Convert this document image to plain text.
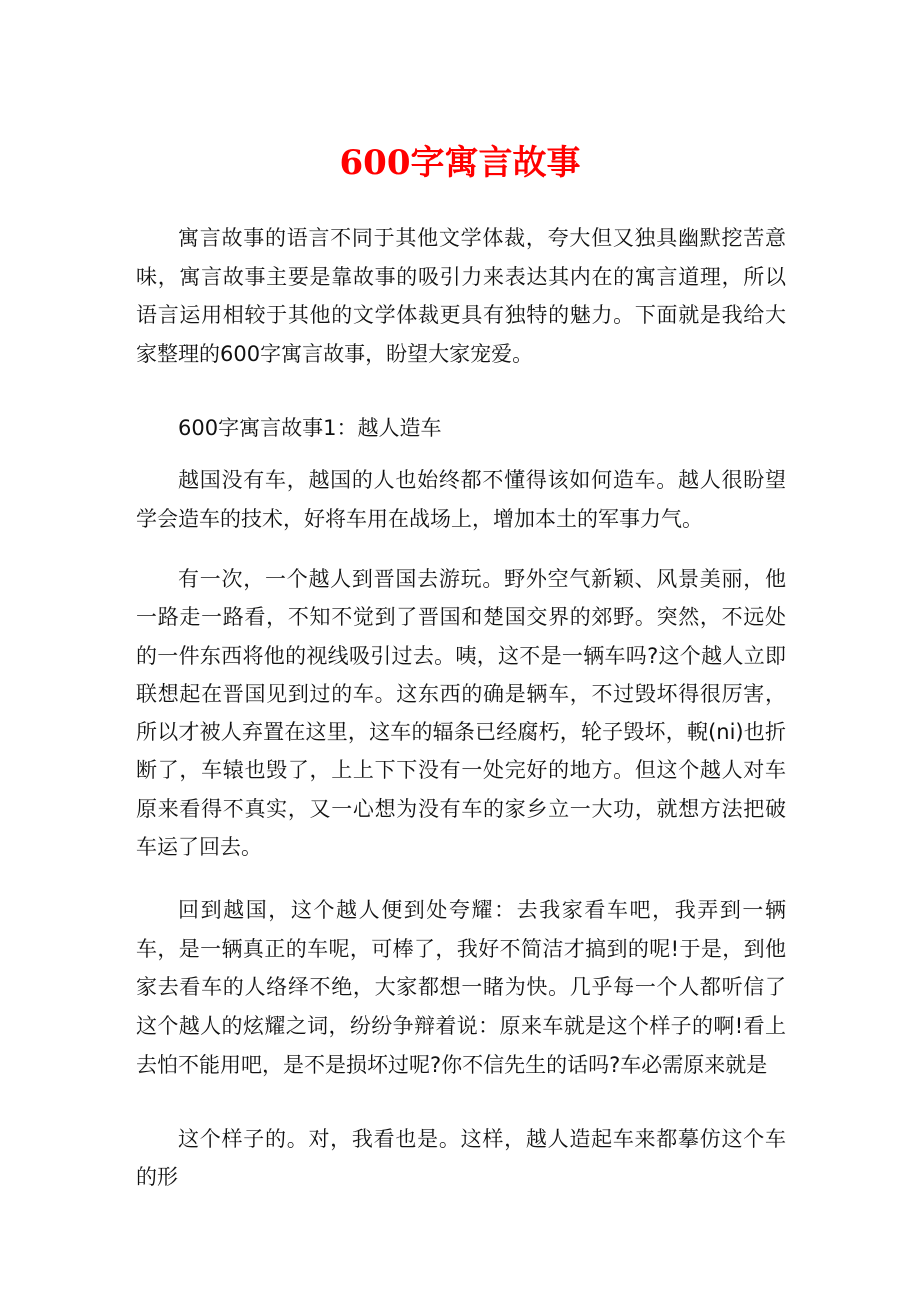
600字寓言故事

寓言故事的语言不同于其他文学体裁，夸大但又独具幽默挖苦意味，寓言故事主要是靠故事的吸引力来表达其内在的寓言道理，所以语言运用相较于其他的文学体裁更具有独特的魅力。下面就是我给大家整理的600字寓言故事，盼望大家宠爱。

600字寓言故事1：越人造车

越国没有车，越国的人也始终都不懂得该如何造车。越人很盼望学会造车的技术，好将车用在战场上，增加本土的军事力气。

有一次，一个越人到晋国去游玩。野外空气新颖、风景美丽，他一路走一路看，不知不觉到了晋国和楚国交界的郊野。突然，不远处的一件东西将他的视线吸引过去。咦，这不是一辆车吗?这个越人立即联想起在晋国见到过的车。这东西的确是辆车，不过毁坏得很厉害，所以才被人弃置在这里，这车的辐条已经腐朽，轮子毁坏，輗(ni)也折断了，车辕也毁了，上上下下没有一处完好的地方。但这个越人对车原来看得不真实，又一心想为没有车的家乡立一大功，就想方法把破车运了回去。

回到越国，这个越人便到处夸耀：去我家看车吧，我弄到一辆车，是一辆真正的车呢，可棒了，我好不简洁才搞到的呢!于是，到他家去看车的人络绎不绝，大家都想一睹为快。几乎每一个人都听信了这个越人的炫耀之词，纷纷争辩着说：原来车就是这个样子的啊!看上去怕不能用吧，是不是损坏过呢?你不信先生的话吗?车必需原来就是

这个样子的。对，我看也是。这样，越人造起车来都摹仿这个车的形
